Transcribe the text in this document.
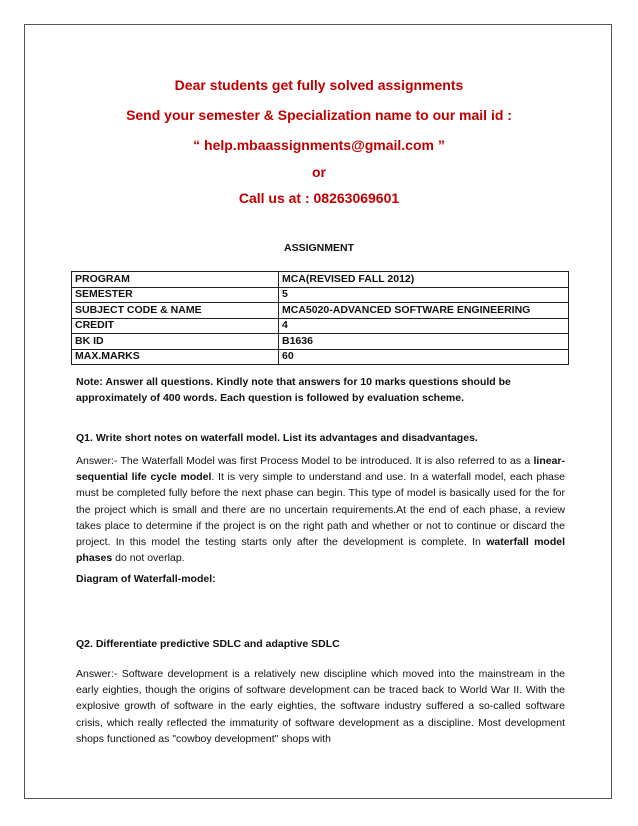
Dear students get fully solved assignments
Send your semester & Specialization name to our mail id :
“ help.mbaassignments@gmail.com ”
or
Call us at : 08263069601
ASSIGNMENT
PROGRAM	MCA(REVISED FALL 2012)
SEMESTER	5
SUBJECT CODE & NAME	MCA5020-ADVANCED SOFTWARE ENGINEERING
CREDIT	4
BK ID	B1636
MAX.MARKS	60
Note: Answer all questions. Kindly note that answers for 10 marks questions should be approximately of 400 words. Each question is followed by evaluation scheme.
Q1. Write short notes on waterfall model. List its advantages and disadvantages.
Answer:- The Waterfall Model was first Process Model to be introduced. It is also referred to as a linear-sequential life cycle model. It is very simple to understand and use. In a waterfall model, each phase must be completed fully before the next phase can begin. This type of model is basically used for the for the project which is small and there are no uncertain requirements.At the end of each phase, a review takes place to determine if the project is on the right path and whether or not to continue or discard the project. In this model the testing starts only after the development is complete. In waterfall model phases do not overlap.
Diagram of Waterfall-model:
Q2. Differentiate predictive SDLC and adaptive SDLC
Answer:- Software development is a relatively new discipline which moved into the mainstream in the early eighties, though the origins of software development can be traced back to World War II. With the explosive growth of software in the early eighties, the software industry suffered a so-called software crisis, which really reflected the immaturity of software development as a discipline. Most development shops functioned as "cowboy development" shops with
